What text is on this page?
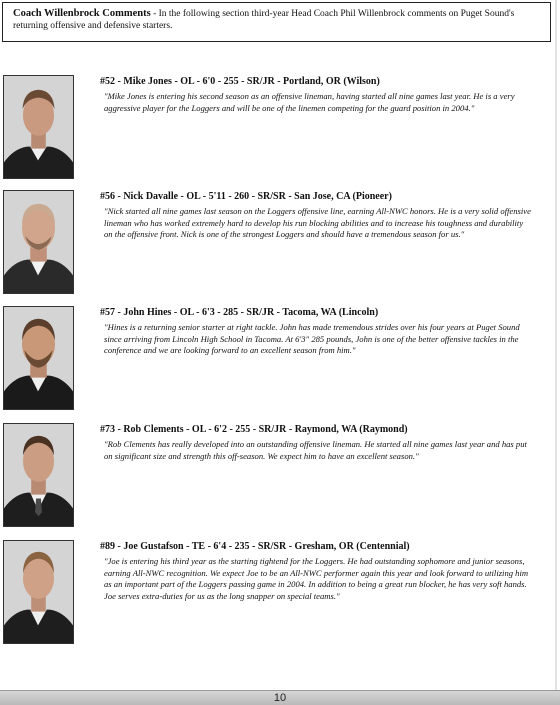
Coach Willenbrock Comments - In the following section third-year Head Coach Phil Willenbrock comments on Puget Sound's returning offensive and defensive starters.

#52 - Mike Jones - OL - 6'0 - 255 - SR/JR - Portland, OR (Wilson)

"Mike Jones is entering his second season as an offensive lineman, having started all nine games last year. He is a very aggressive player for the Loggers and will be one of the linemen competing for the guard position in 2004."

#56 - Nick Davalle - OL - 5'11 - 260 - SR/SR - San Jose, CA (Pioneer)

"Nick started all nine games last season on the Loggers offensive line, earning All-NWC honors. He is a very solid offensive lineman who has worked extremely hard to develop his run blocking abilities and to increase his toughness and durability on the offensive front. Nick is one of the strongest Loggers and should have a tremendous season for us."

#57 - John Hines - OL - 6'3 - 285 - SR/JR - Tacoma, WA (Lincoln)

"Hines is a returning senior starter at right tackle. John has made tremendous strides over his four years at Puget Sound since arriving from Lincoln High School in Tacoma. At 6'3" 285 pounds, John is one of the better offensive tackles in the conference and we are looking forward to an excellent season from him."

#73 - Rob Clements - OL - 6'2 - 255 - SR/JR - Raymond, WA (Raymond)

"Rob Clements has really developed into an outstanding offensive lineman. He started all nine games last year and has put on significant size and strength this off-season. We expect him to have an excellent season."

#89 - Joe Gustafson - TE - 6'4 - 235 - SR/SR - Gresham, OR (Centennial)

"Joe is entering his third year as the starting tightend for the Loggers. He had outstanding sophomore and junior seasons, earning All-NWC recognition. We expect Joe to be an All-NWC performer again this year and look forward to utilizing him as an important part of the Loggers passing game in 2004. In addition to being a great run blocker, he has very soft hands. Joe serves extra-duties for us as the long snapper on special teams."

10
